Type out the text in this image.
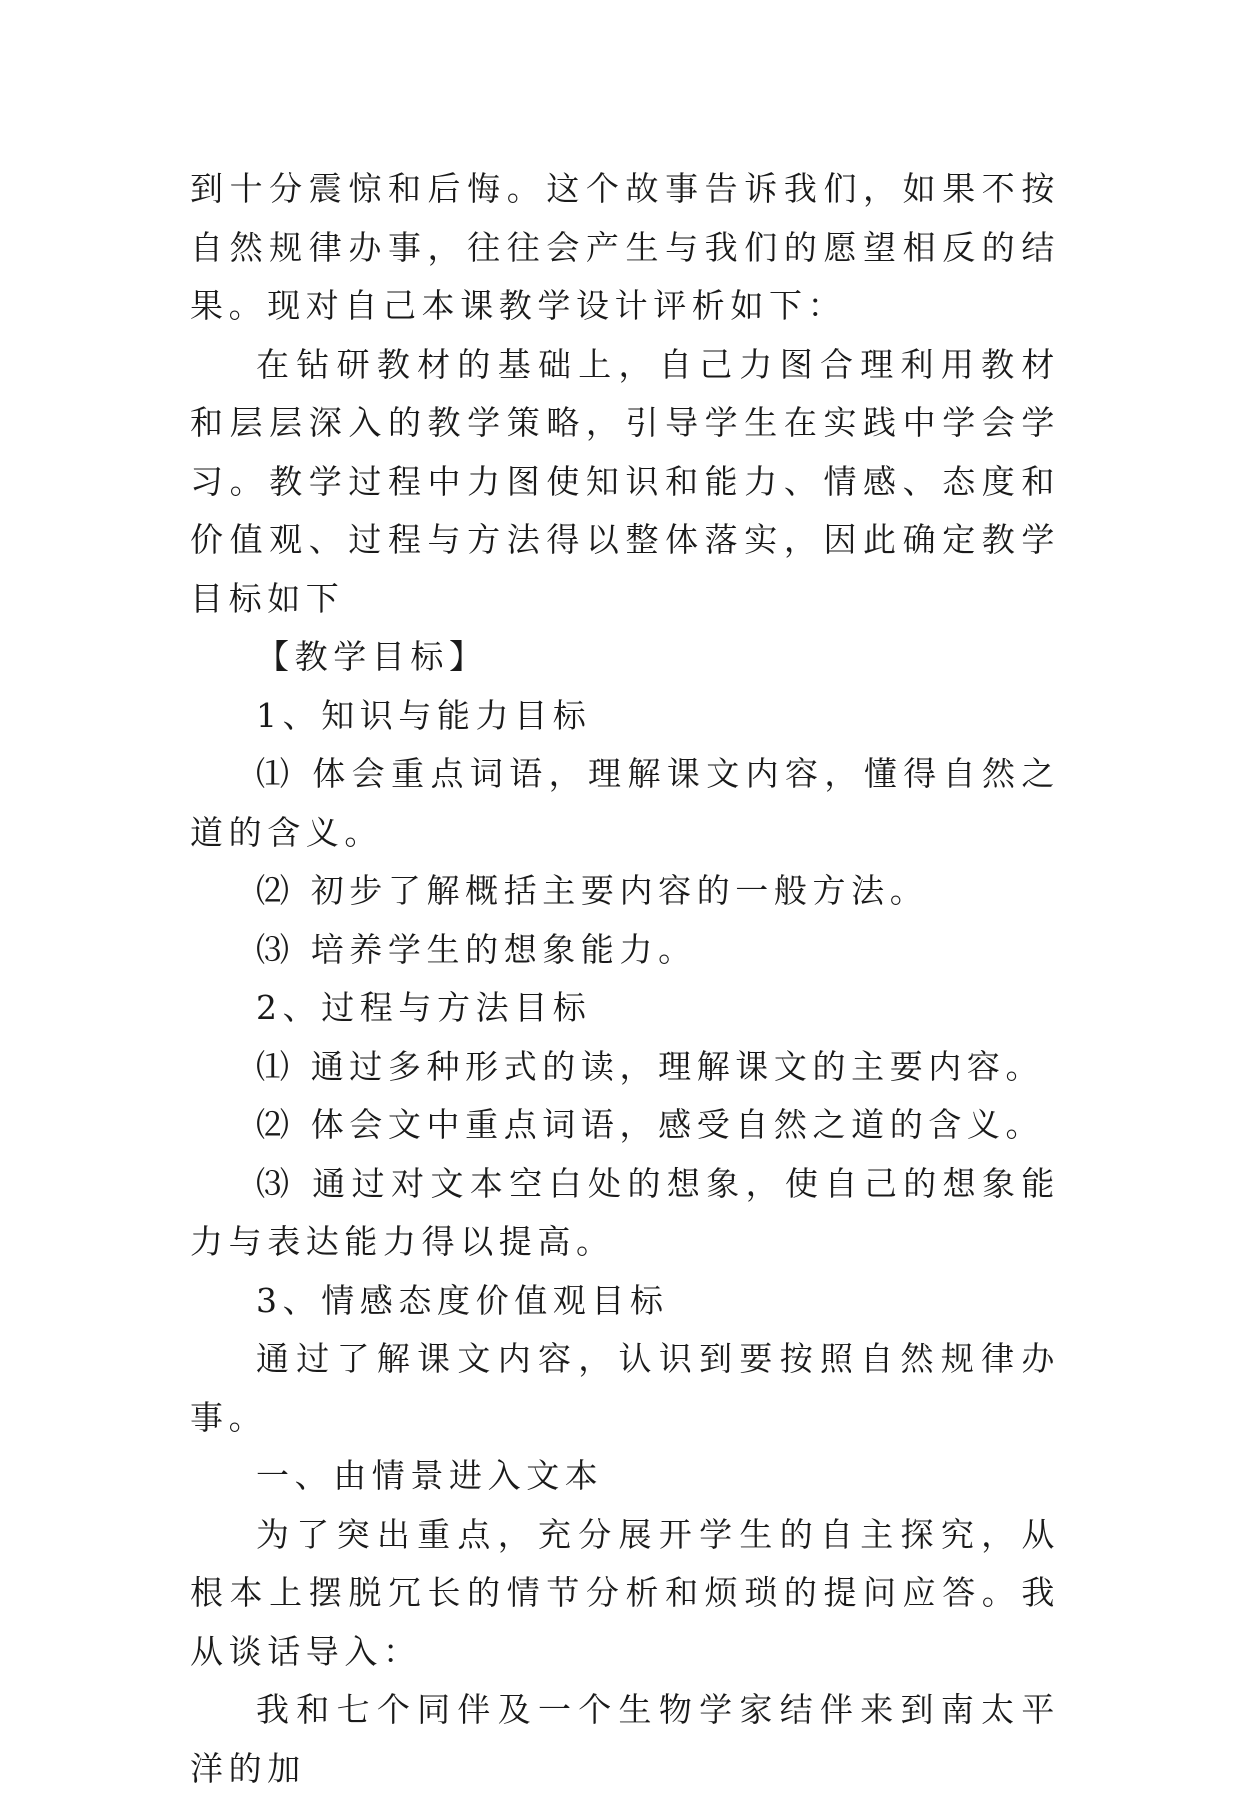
到十分震惊和后悔。这个故事告诉我们，如果不按自然规律办事，往往会产生与我们的愿望相反的结果。现对自己本课教学设计评析如下：

在钻研教材的基础上，自己力图合理利用教材和层层深入的教学策略，引导学生在实践中学会学习。教学过程中力图使知识和能力、情感、态度和价值观、过程与方法得以整体落实，因此确定教学目标如下

【教学目标】

1、知识与能力目标

⑴ 体会重点词语，理解课文内容，懂得自然之道的含义。

⑵ 初步了解概括主要内容的一般方法。

⑶ 培养学生的想象能力。

2、过程与方法目标

⑴ 通过多种形式的读，理解课文的主要内容。

⑵ 体会文中重点词语，感受自然之道的含义。

⑶ 通过对文本空白处的想象，使自己的想象能力与表达能力得以提高。

3、情感态度价值观目标

通过了解课文内容，认识到要按照自然规律办事。

一、由情景进入文本

为了突出重点，充分展开学生的自主探究，从根本上摆脱冗长的情节分析和烦琐的提问应答。我从谈话导入：

我和七个同伴及一个生物学家结伴来到南太平洋的加
